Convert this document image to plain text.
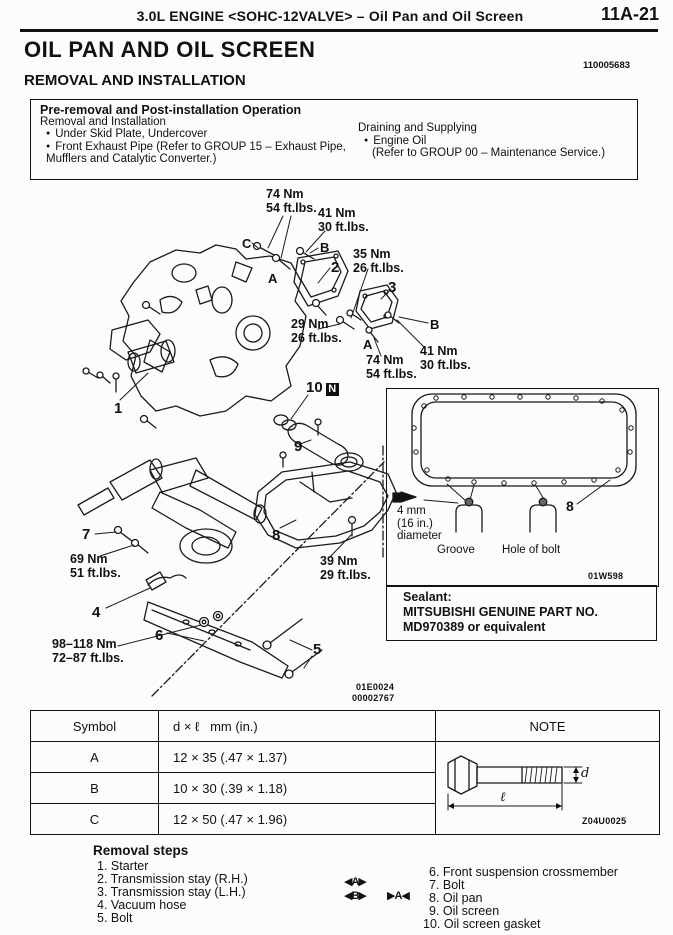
3.0L ENGINE <SOHC-12VALVE> – Oil Pan and Oil Screen	11A-21
OIL PAN AND OIL SCREEN
110005683
REMOVAL AND INSTALLATION
Pre-removal and Post-installation Operation
Removal and Installation
● Under Skid Plate, Undercover
● Front Exhaust Pipe (Refer to GROUP 15 – Exhaust Pipe, Mufflers and Catalytic Converter.)
Draining and Supplying
● Engine Oil
(Refer to GROUP 00 – Maintenance Service.)
74 Nm
54 ft.lbs. 41 Nm
30 ft.lbs.
35 Nm
26 ft.lbs.
29 Nm
26 ft.lbs.
41 Nm
30 ft.lbs.
74 Nm
54 ft.lbs.
69 Nm
51 ft.lbs.
39 Nm
29 ft.lbs.
98–118 Nm
72–87 ft.lbs.
C	B
A
B
A
1
2
3
4
5
6
7	8
9
10 N
01E0024
00002767
8
4 mm
(16 in.)
diameter
Groove Hole of bolt
01W598
Sealant:
MITSUBISHI GENUINE PART NO.
MD970389 or equivalent
Symbol	d × ℓ   mm (in.)	NOTE
A	12 × 35 (.47 × 1.37)	
B	10 × 30 (.39 × 1.18)	
C	12 × 50 (.47 × 1.96)	
d
ℓ
Z04U0025
Removal steps
1. Starter
2. Transmission stay (R.H.)
3. Transmission stay (L.H.)
4. Vacuum hose
5. Bolt
6. Front suspension crossmember
7. Bolt
8. Oil pan
9. Oil screen
10. Oil screen gasket
◀A▶
◀B▶ ▶A◀
